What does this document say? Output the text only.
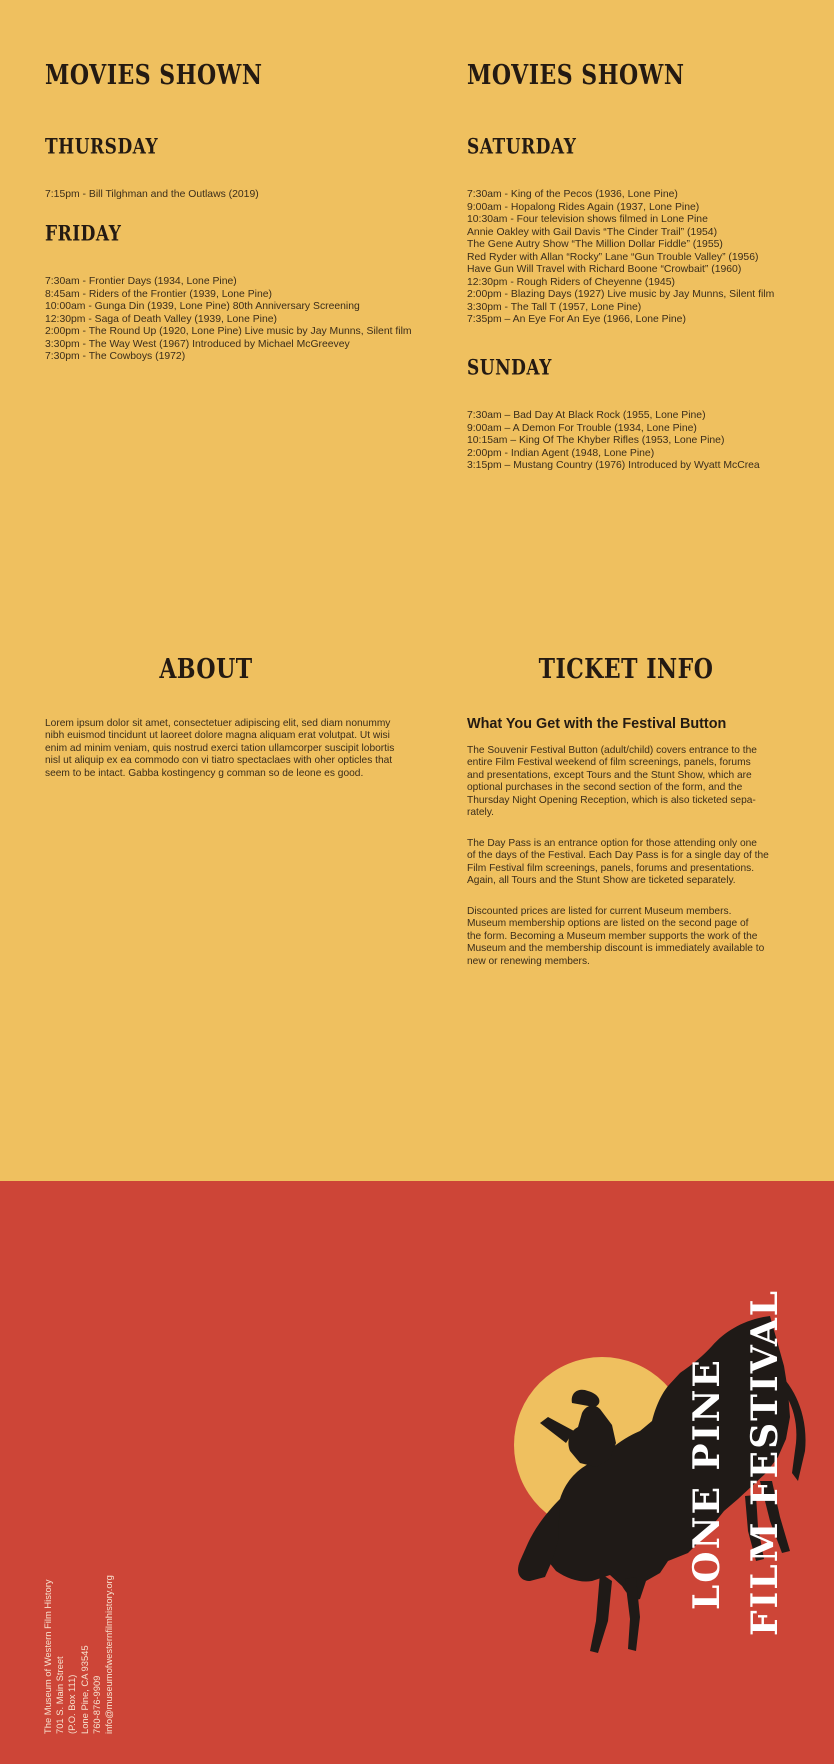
MOVIES SHOWN
THURSDAY
7:15pm - Bill Tilghman and the Outlaws (2019)
FRIDAY
7:30am - Frontier Days (1934, Lone Pine)
8:45am - Riders of the Frontier (1939, Lone Pine)
10:00am - Gunga Din (1939, Lone Pine) 80th Anniversary Screening
12:30pm - Saga of Death Valley (1939, Lone Pine)
2:00pm - The Round Up (1920, Lone Pine) Live music by Jay Munns, Silent film
3:30pm - The Way West (1967) Introduced by Michael McGreevey
7:30pm - The Cowboys (1972)
MOVIES SHOWN
SATURDAY
7:30am - King of the Pecos (1936, Lone Pine)
9:00am - Hopalong Rides Again (1937, Lone Pine)
10:30am - Four television shows filmed in Lone Pine
Annie Oakley with Gail Davis “The Cinder Trail” (1954)
The Gene Autry Show “The Million Dollar Fiddle” (1955)
Red Ryder with Allan “Rocky” Lane “Gun Trouble Valley” (1956)
Have Gun Will Travel with Richard Boone “Crowbait” (1960)
12:30pm - Rough Riders of Cheyenne (1945)
2:00pm - Blazing Days (1927) Live music by Jay Munns, Silent film
3:30pm - The Tall T (1957, Lone Pine)
7:35pm – An Eye For An Eye (1966, Lone Pine)
SUNDAY
7:30am – Bad Day At Black Rock (1955, Lone Pine)
9:00am – A Demon For Trouble (1934, Lone Pine)
10:15am – King Of The Khyber Rifles (1953, Lone Pine)
2:00pm - Indian Agent (1948, Lone Pine)
3:15pm – Mustang Country (1976) Introduced by Wyatt McCrea
ABOUT
Lorem ipsum dolor sit amet, consectetuer adipiscing elit, sed diam nonummy
nibh euismod tincidunt ut laoreet dolore magna aliquam erat volutpat. Ut wisi
enim ad minim veniam, quis nostrud exerci tation ullamcorper suscipit lobortis
nisl ut aliquip ex ea commodo con vi tiatro spectaclaes with oher opticles that
seem to be intact. Gabba kostingency g comman so de leone es good.
TICKET INFO
What You Get with the Festival Button
The Souvenir Festival Button (adult/child) covers entrance to the
entire Film Festival weekend of film screenings, panels, forums
and presentations, except Tours and the Stunt Show, which are
optional purchases in the second section of the form, and the
Thursday Night Opening Reception, which is also ticketed sepa-
rately.
The Day Pass is an entrance option for those attending only one
of the days of the Festival. Each Day Pass is for a single day of the
Film Festival film screenings, panels, forums and presentations.
Again, all Tours and the Stunt Show are ticketed separately.
Discounted prices are listed for current Museum members.
Museum membership options are listed on the second page of
the form. Becoming a Museum member supports the work of the
Museum and the membership discount is immediately available to
new or renewing members.
LONE PINE FILM FESTIVAL
The Museum of Western Film History 701 S. Main Street (P.O. Box 111) Lone Pine, CA 93545 760-876-9909 info@museumofwesternfilmhistory.org
